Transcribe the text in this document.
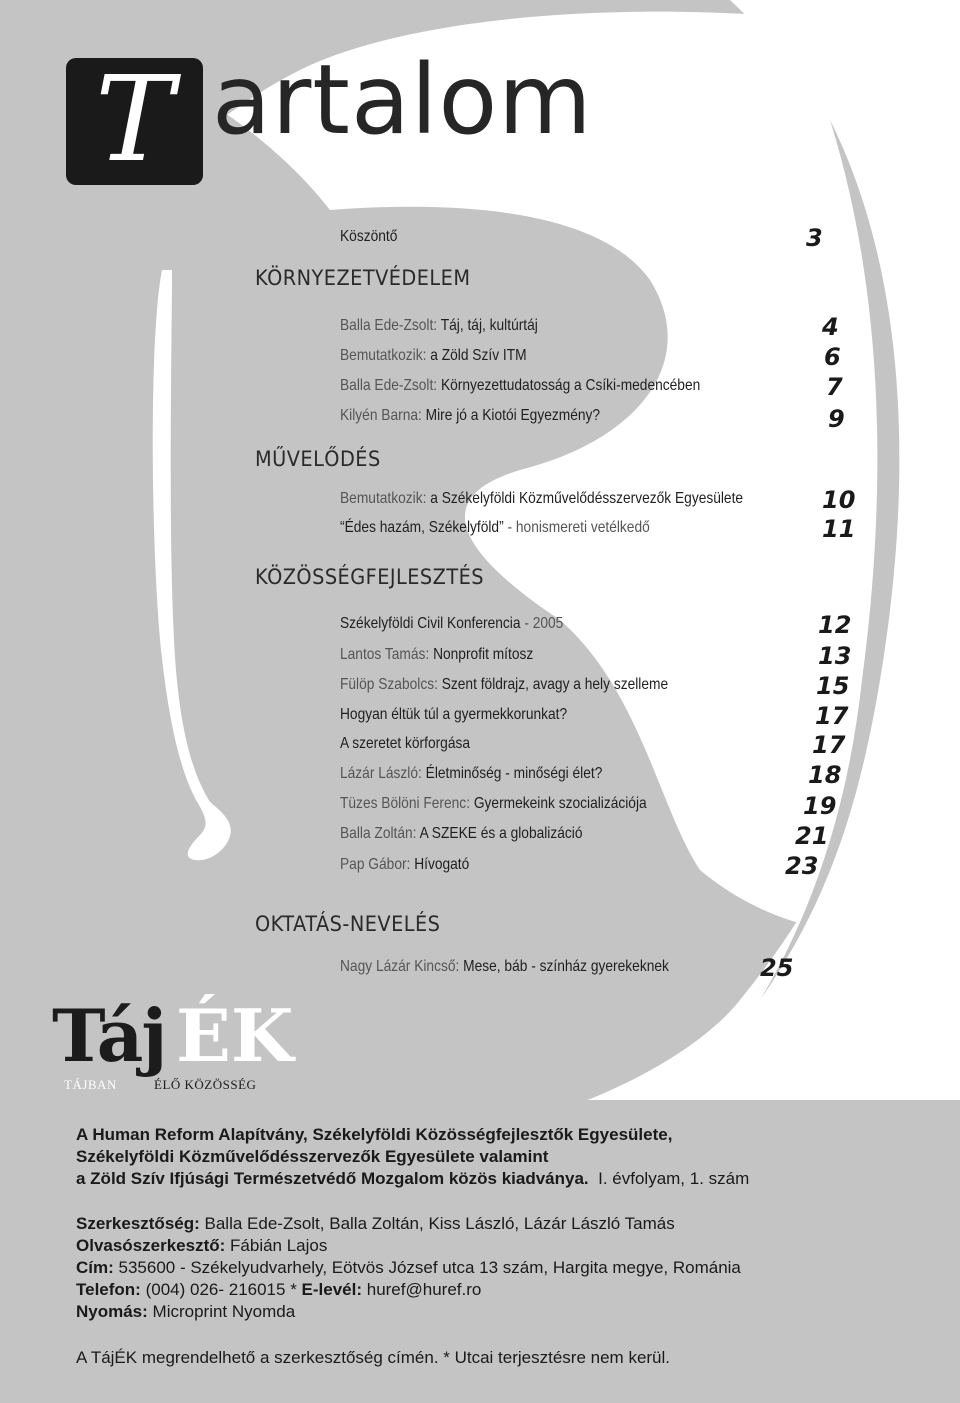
T artalom
Köszöntő	3
KÖRNYEZETVÉDELEM
Balla Ede-Zsolt: Táj, táj, kultúrtáj	4
Bemutatkozik: a Zöld Szív ITM	6
Balla Ede-Zsolt: Környezettudatosság a Csíki-medencében	7
Kilyén Barna: Mire jó a Kiotói Egyezmény?	9
MŰVELŐDÉS
Bemutatkozik: a Székelyföldi Közművelődésszervezők Egyesülete	10
“Édes hazám, Székelyföld” - honismereti vetélkedő	11
KÖZÖSSÉGFEJLESZTÉS
Székelyföldi Civil Konferencia - 2005	12
Lantos Tamás: Nonprofit mítosz	13
Fülöp Szabolcs: Szent földrajz, avagy a hely szelleme	15
Hogyan éltük túl a gyermekkorunkat?	17
A szeretet körforgása	17
Lázár László: Életminőség - minőségi élet?	18
Tüzes Bölöni Ferenc: Gyermekeink szocializációja	19
Balla Zoltán: A SZEKE és a globalizáció	21
Pap Gábor: Hívogató	23
OKTATÁS-NEVELÉS
Nagy Lázár Kincső: Mese, báb - színház gyerekeknek	25
Táj ÉK
TÁJBAN	ÉLŐ KÖZÖSSÉG
A Human Reform Alapítvány, Székelyföldi Közösségfejlesztők Egyesülete,
Székelyföldi Közművelődésszervezők Egyesülete valamint
a Zöld Szív Ifjúsági Természetvédő Mozgalom közös kiadványa. I. évfolyam, 1. szám
Szerkesztőség: Balla Ede-Zsolt, Balla Zoltán, Kiss László, Lázár László Tamás
Olvasószerkesztő: Fábián Lajos
Cím: 535600 - Székelyudvarhely, Eötvös József utca 13 szám, Hargita megye, Románia
Telefon: (004) 026- 216015 * E-levél: huref@huref.ro
Nyomás: Microprint Nyomda
A TájÉK megrendelhető a szerkesztőség címén. * Utcai terjesztésre nem kerül.
